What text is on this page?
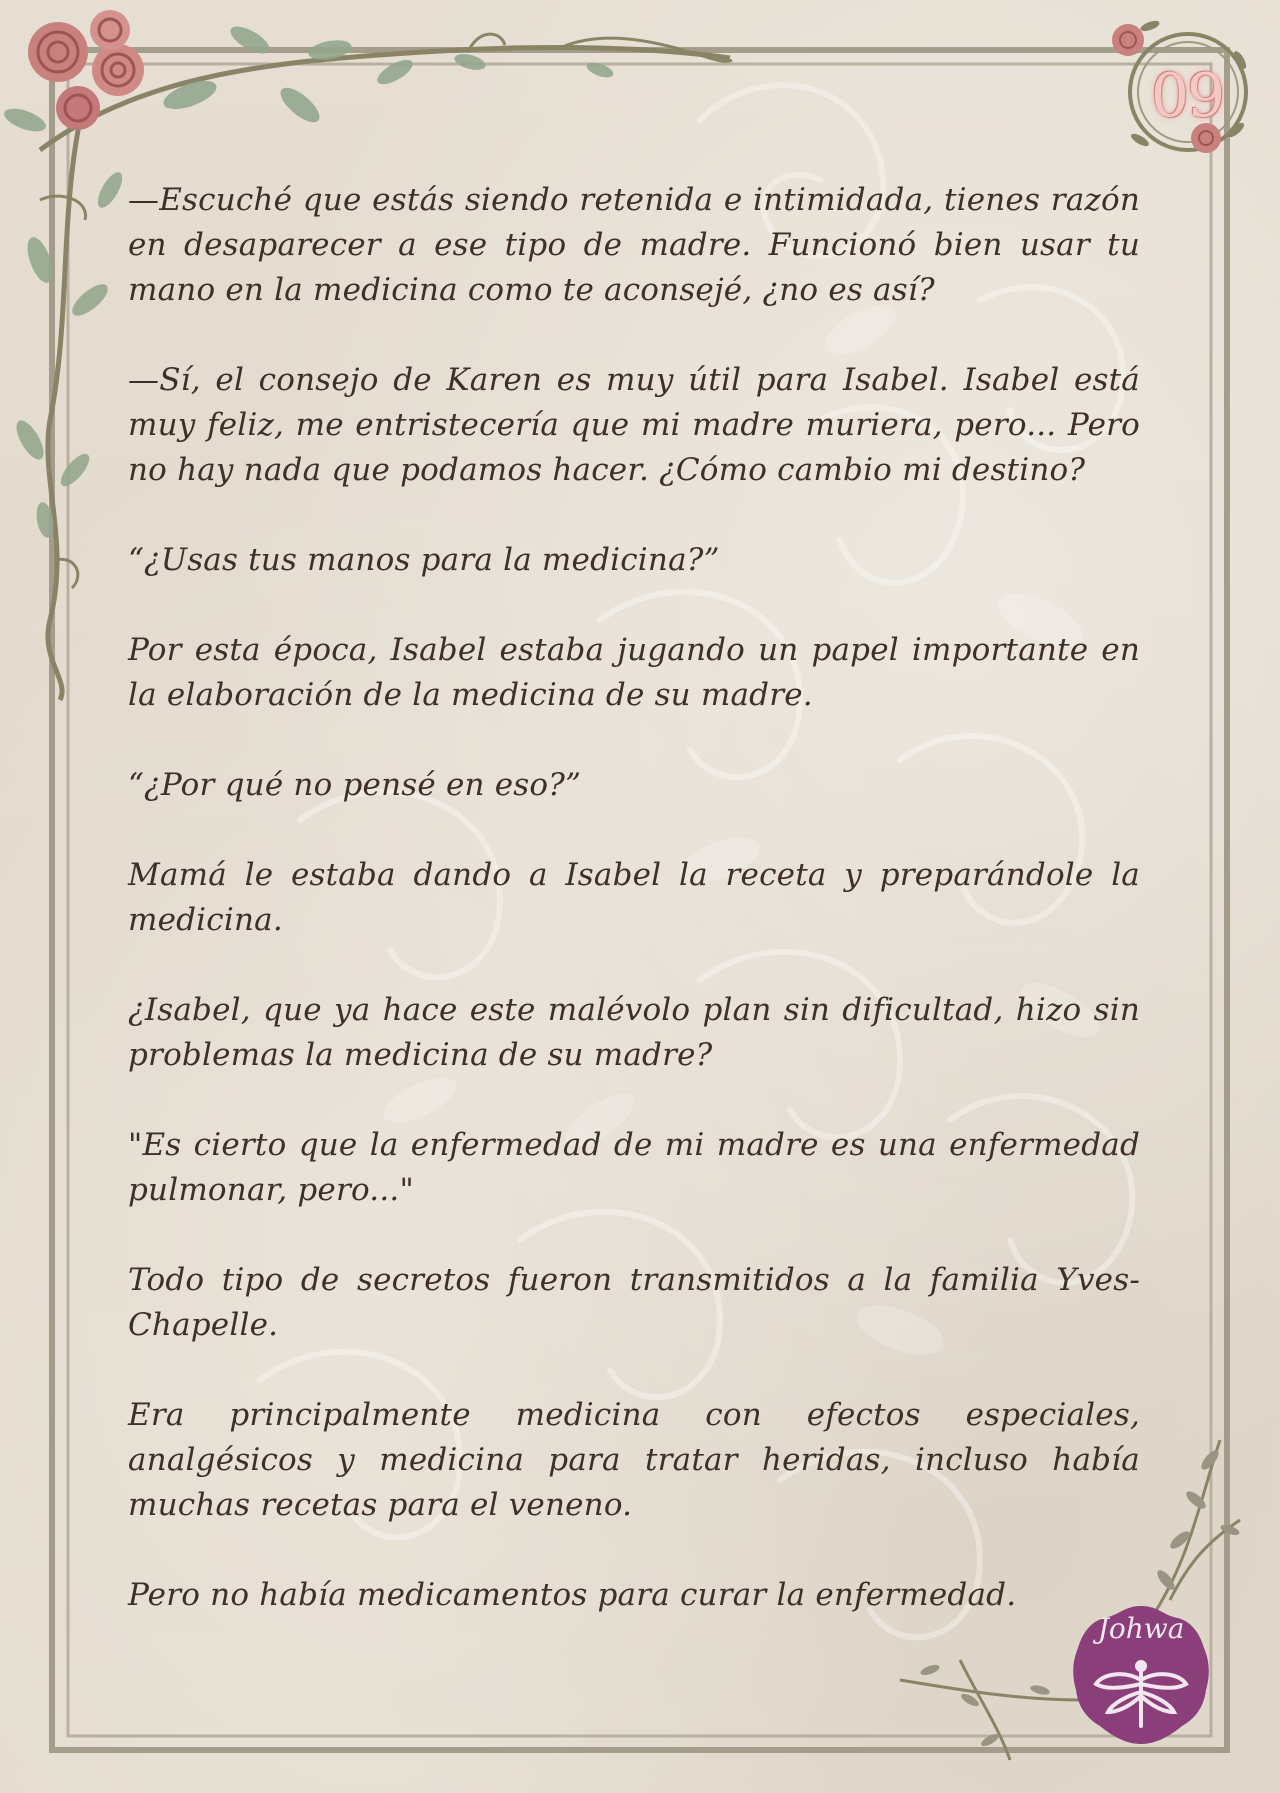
09

—Escuché que estás siendo retenida e intimidada, tienes razón en desaparecer a ese tipo de madre. Funcionó bien usar tu mano en la medicina como te aconsejé, ¿no es así?

—Sí, el consejo de Karen es muy útil para Isabel. Isabel está muy feliz, me entristecería que mi madre muriera, pero... Pero no hay nada que podamos hacer. ¿Cómo cambio mi destino?

“¿Usas tus manos para la medicina?”

Por esta época, Isabel estaba jugando un papel importante en la elaboración de la medicina de su madre.

“¿Por qué no pensé en eso?”

Mamá le estaba dando a Isabel la receta y preparándole la medicina.

¿Isabel, que ya hace este malévolo plan sin dificultad, hizo sin problemas la medicina de su madre?

"Es cierto que la enfermedad de mi madre es una enfermedad pulmonar, pero..."

Todo tipo de secretos fueron transmitidos a la familia Yves-Chapelle.

Era principalmente medicina con efectos especiales, analgésicos y medicina para tratar heridas, incluso había muchas recetas para el veneno.

Pero no había medicamentos para curar la enfermedad.

Johwa
